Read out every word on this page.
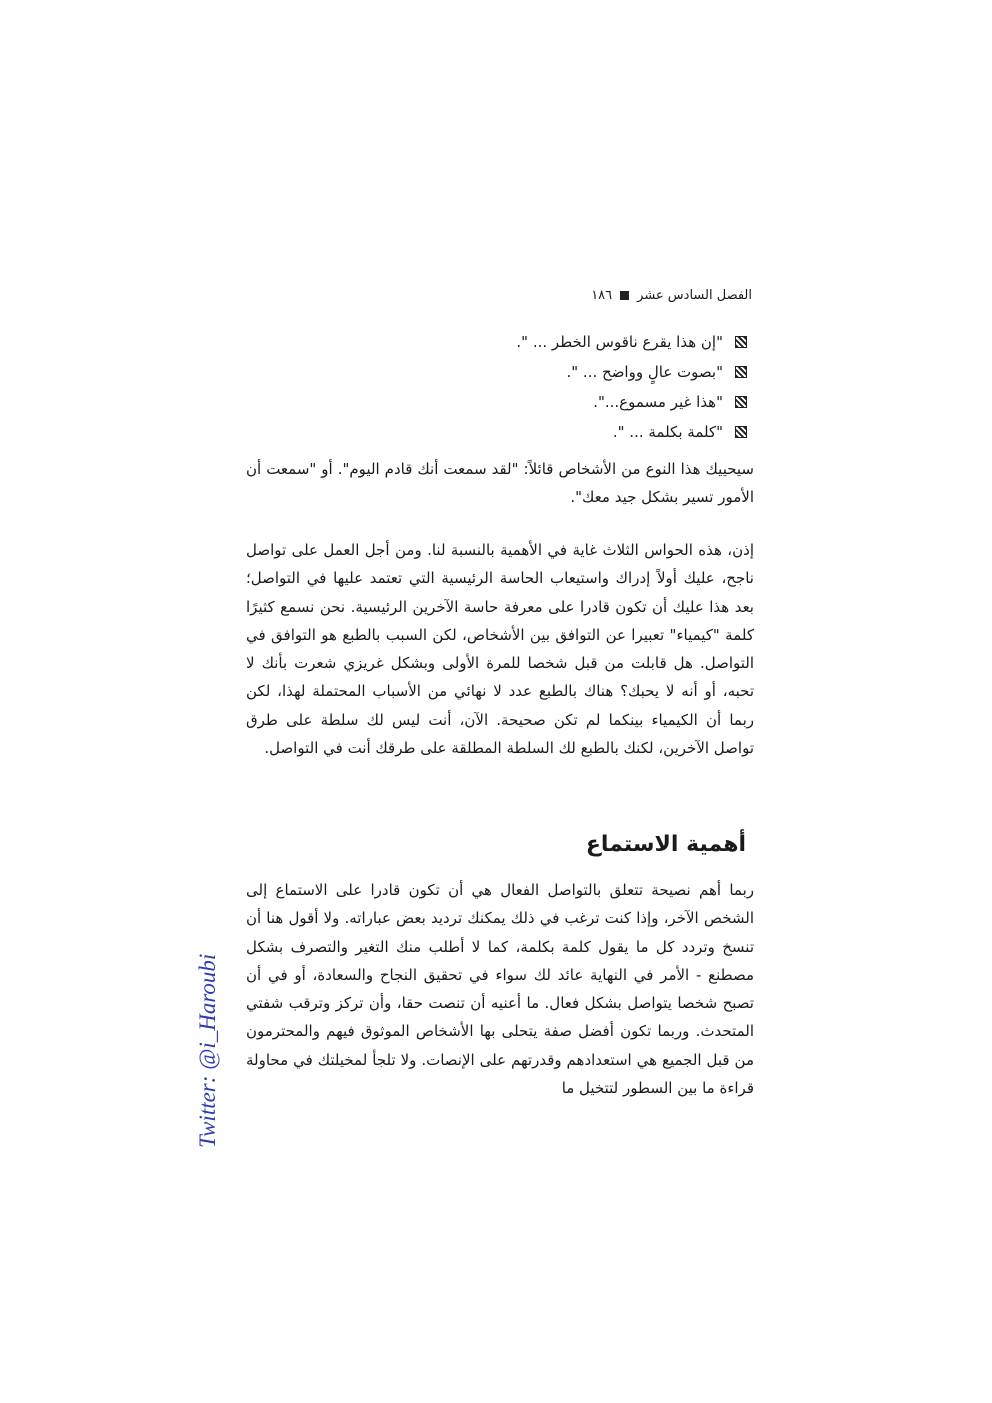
الفصل السادس عشر
١٨٦
"إن هذا يقرع ناقوس الخطر ... ".
"بصوت عالٍ وواضح ... ".
"هذا غير مسموع...".
"كلمة بكلمة ... ".

سيحييك هذا النوع من الأشخاص قائلاً: "لقد سمعت أنك قادم اليوم". أو "سمعت أن الأمور تسير بشكل جيد معك".

إذن، هذه الحواس الثلاث غاية في الأهمية بالنسبة لنا. ومن أجل العمل على تواصل ناجح، عليك أولاً إدراك واستيعاب الحاسة الرئيسية التي تعتمد عليها في التواصل؛ بعد هذا عليك أن تكون قادرا على معرفة حاسة الآخرين الرئيسية. نحن نسمع كثيرًا كلمة "كيمياء" تعبيرا عن التوافق بين الأشخاص، لكن السبب بالطبع هو التوافق في التواصل. هل قابلت من قبل شخصا للمرة الأولى وبشكل غريزي شعرت بأنك لا تحبه، أو أنه لا يحبك؟ هناك بالطبع عدد لا نهائي من الأسباب المحتملة لهذا، لكن ربما أن الكيمياء بينكما لم تكن صحيحة. الآن، أنت ليس لك سلطة على طرق تواصل الآخرين، لكنك بالطبع لك السلطة المطلقة على طرقك أنت في التواصل.

أهمية الاستماع

ربما أهم نصيحة تتعلق بالتواصل الفعال هي أن تكون قادرا على الاستماع إلى الشخص الآخر، وإذا كنت ترغب في ذلك يمكنك ترديد بعض عباراته. ولا أقول هنا أن تنسخ وتردد كل ما يقول كلمة بكلمة، كما لا أطلب منك التغير والتصرف بشكل مصطنع - الأمر في النهاية عائد لك سواء في تحقيق النجاح والسعادة، أو في أن تصبح شخصا يتواصل بشكل فعال. ما أعنيه أن تنصت حقا، وأن تركز وترقب شفتي المتحدث. وربما تكون أفضل صفة يتحلى بها الأشخاص الموثوق فيهم والمحترمون من قبل الجميع هي استعدادهم وقدرتهم على الإنصات. ولا تلجأ لمخيلتك في محاولة قراءة ما بين السطور لتتخيل ما

Twitter: @i_Haroubi
